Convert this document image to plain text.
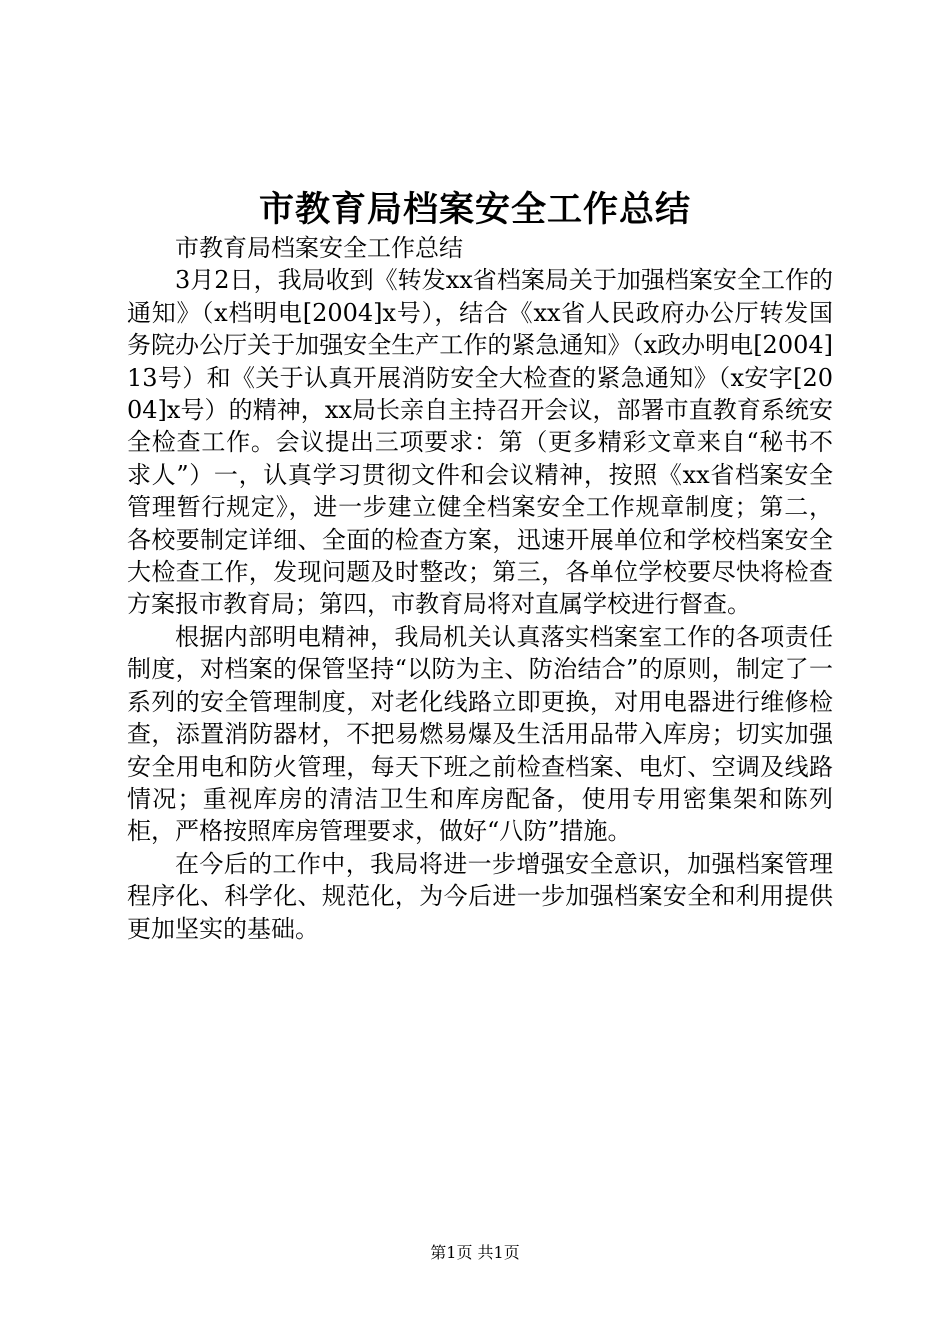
市教育局档案安全工作总结

市教育局档案安全工作总结

3月2日，我局收到《转发xx省档案局关于加强档案安全工作的通知》（x档明电[2004]x号），结合《xx省人民政府办公厅转发国务院办公厅关于加强安全生产工作的紧急通知》（x政办明电[2004]13号）和《关于认真开展消防安全大检查的紧急通知》（x安字[2004]x号）的精神，xx局长亲自主持召开会议，部署市直教育系统安全检查工作。会议提出三项要求：第（更多精彩文章来自“秘书不求人”）一，认真学习贯彻文件和会议精神，按照《xx省档案安全管理暂行规定》，进一步建立健全档案安全工作规章制度；第二，各校要制定详细、全面的检查方案，迅速开展单位和学校档案安全大检查工作，发现问题及时整改；第三，各单位学校要尽快将检查方案报市教育局；第四，市教育局将对直属学校进行督查。

根据内部明电精神，我局机关认真落实档案室工作的各项责任制度，对档案的保管坚持“以防为主、防治结合”的原则，制定了一系列的安全管理制度，对老化线路立即更换，对用电器进行维修检查，添置消防器材，不把易燃易爆及生活用品带入库房；切实加强安全用电和防火管理，每天下班之前检查档案、电灯、空调及线路情况；重视库房的清洁卫生和库房配备，使用专用密集架和陈列柜，严格按照库房管理要求，做好“八防”措施。

在今后的工作中，我局将进一步增强安全意识，加强档案管理程序化、科学化、规范化，为今后进一步加强档案安全和利用提供更加坚实的基础。

第1页 共1页
